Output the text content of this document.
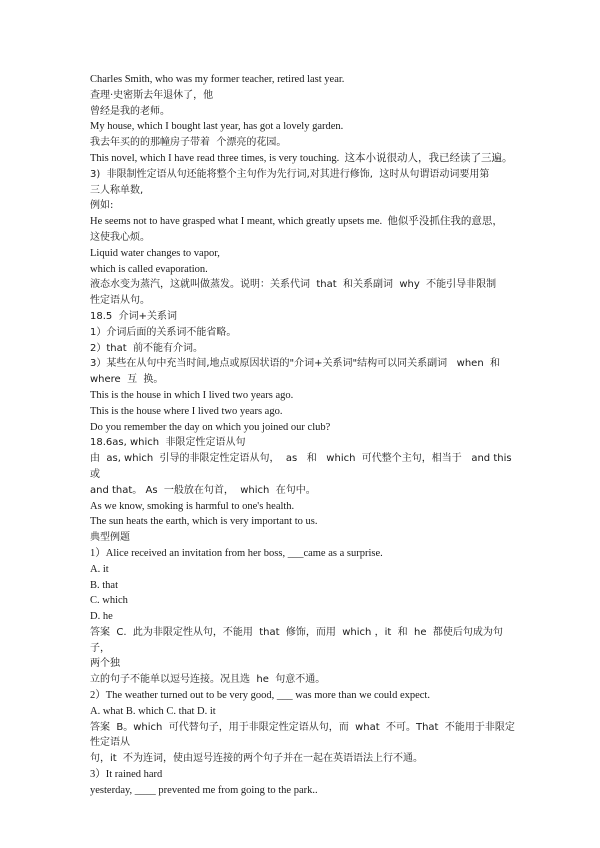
Charles Smith, who was my former teacher, retired last year.

查理·史密斯去年退休了，他

曾经是我的老师。

My house, which I bought last year, has got a lovely garden.

我去年买的的那幢房子带着  个漂亮的花园。

This novel, which I have read three times, is very touching.  这本小说很动人，我已经读了三遍。

3)  非限制性定语从句还能将整个主句作为先行词,对其进行修饰,  这时从句谓语动词要用第

三人称单数,

例如:

He seems not to have grasped what I meant, which greatly upsets me.  他似乎没抓住我的意思，

这使我心烦。

Liquid water changes to vapor,

which is called evaporation.

液态水变为蒸汽，这就叫做蒸发。说明：关系代词  that  和关系副词  why  不能引导非限制

性定语从句。

18.5  介词+关系词

1）介词后面的关系词不能省略。

2）that  前不能有介词。

3）某些在从句中充当时间,地点或原因状语的"介词+关系词"结构可以同关系副词   when  和

where  互  换。

This is the house in which I lived two years ago.

This is the house where I lived two years ago.

Do you remember the day on which you joined our club?

18.6as, which  非限定性定语从句

由  as, which  引导的非限定性定语从句，  as   和   which  可代整个主句，相当于   and this  或

and that。 As  一般放在句首，  which  在句中。

As we know, smoking is harmful to one's health.

The sun heats the earth, which is very important to us.

典型例题

1）Alice received an invitation from her boss, ___came as a surprise.

A. it

B. that

C. which

D. he

答案  C.  此为非限定性从句，不能用  that  修饰，而用  which ，it  和  he  都使后句成为句子，

两个独

立的句子不能单以逗号连接。况且选  he  句意不通。

2）The weather turned out to be very good, ___ was more than we could expect.

A. what B. which C. that D. it

答案  B。which  可代替句子，用于非限定性定语从句，而  what  不可。That  不能用于非限定

性定语从

句，it  不为连词，使由逗号连接的两个句子并在一起在英语语法上行不通。

3）It rained hard

yesterday, ____ prevented me from going to the park..
